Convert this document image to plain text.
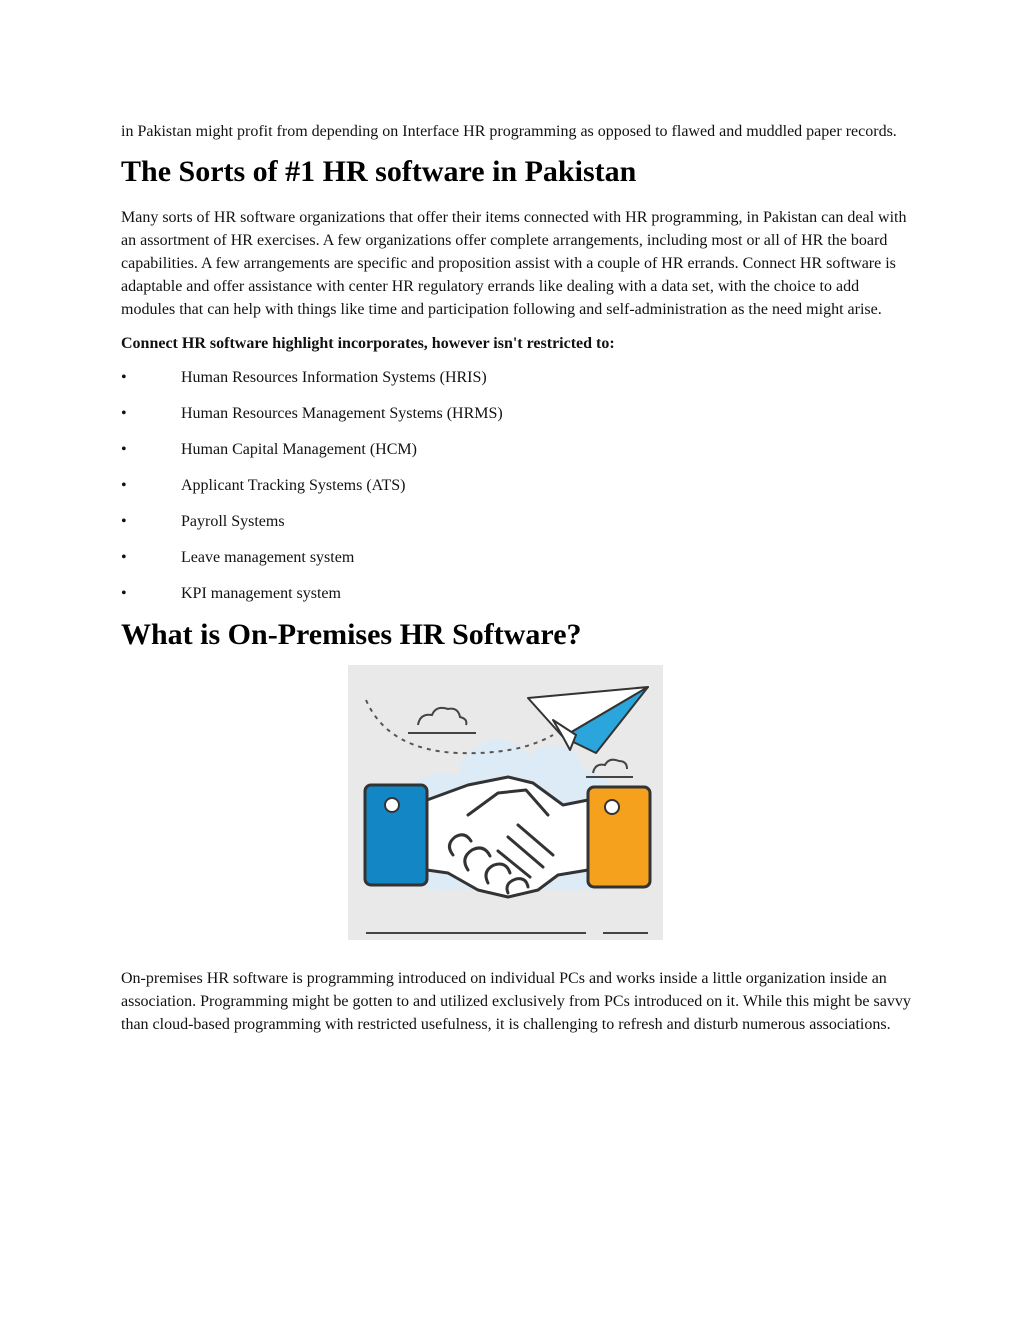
in Pakistan might profit from depending on Interface HR programming as opposed to flawed and muddled paper records.

The Sorts of #1 HR software in Pakistan

Many sorts of HR software organizations that offer their items connected with HR programming, in Pakistan can deal with an assortment of HR exercises. A few organizations offer complete arrangements, including most or all of HR the board capabilities. A few arrangements are specific and proposition assist with a couple of HR errands. Connect HR software is adaptable and offer assistance with center HR regulatory errands like dealing with a data set, with the choice to add modules that can help with things like time and participation following and self-administration as the need might arise.

Connect HR software highlight incorporates, however isn't restricted to:

•	Human Resources Information Systems (HRIS)
•	Human Resources Management Systems (HRMS)
•	Human Capital Management (HCM)
•	Applicant Tracking Systems (ATS)
•	Payroll Systems
•	Leave management system
•	KPI management system
What is On-Premises HR Software?

On-premises HR software is programming introduced on individual PCs and works inside a little organization inside an association. Programming might be gotten to and utilized exclusively from PCs introduced on it. While this might be savvy than cloud-based programming with restricted usefulness, it is challenging to refresh and disturb numerous associations.
